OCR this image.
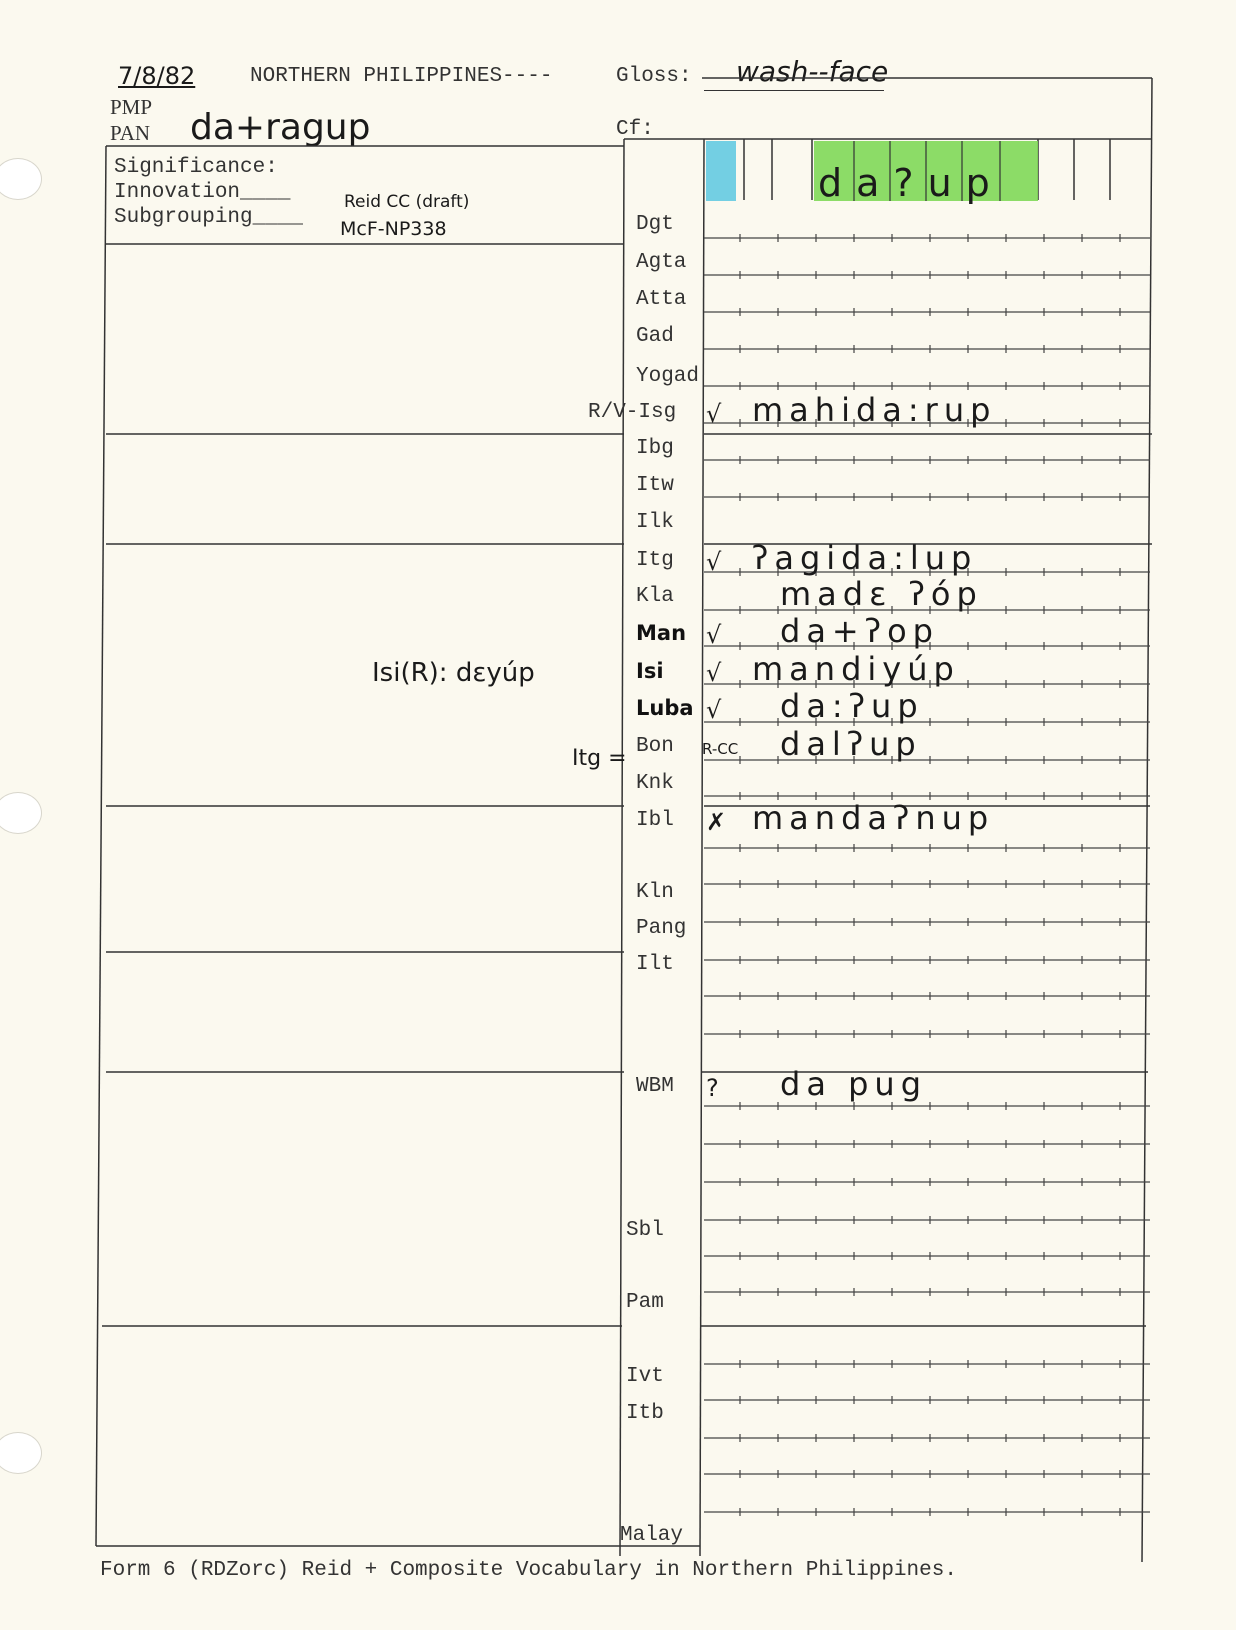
7/8/82	NORTHERN PHILIPPINES----	Gloss: wash--face
PMP
PAN da+ragup	Cf:
Significance:
Innovation____
Subgrouping____
Reid CC (draft)
McF-NP338
da?up
Isi(R): dεyúp
Itg =
Dgt
Agta
Atta
Gad
Yogad
R/V-Isg √ mahida:rup
Ibg
Itw
Ilk
Itg √ ʔagida:lup
Kla	madε ʔóp
Man √ da+ʔop
Isi √ mandiyúp
Luba √ da:ʔup
Bon R-CC dalʔup
Knk
Ibl ✗ mandaʔnup
Kln
Pang
Ilt
WBM ? da pug
Sbl
Pam
Ivt
Itb
Malay
Form 6 (RDZorc) Reid + Composite Vocabulary in Northern Philippines.
